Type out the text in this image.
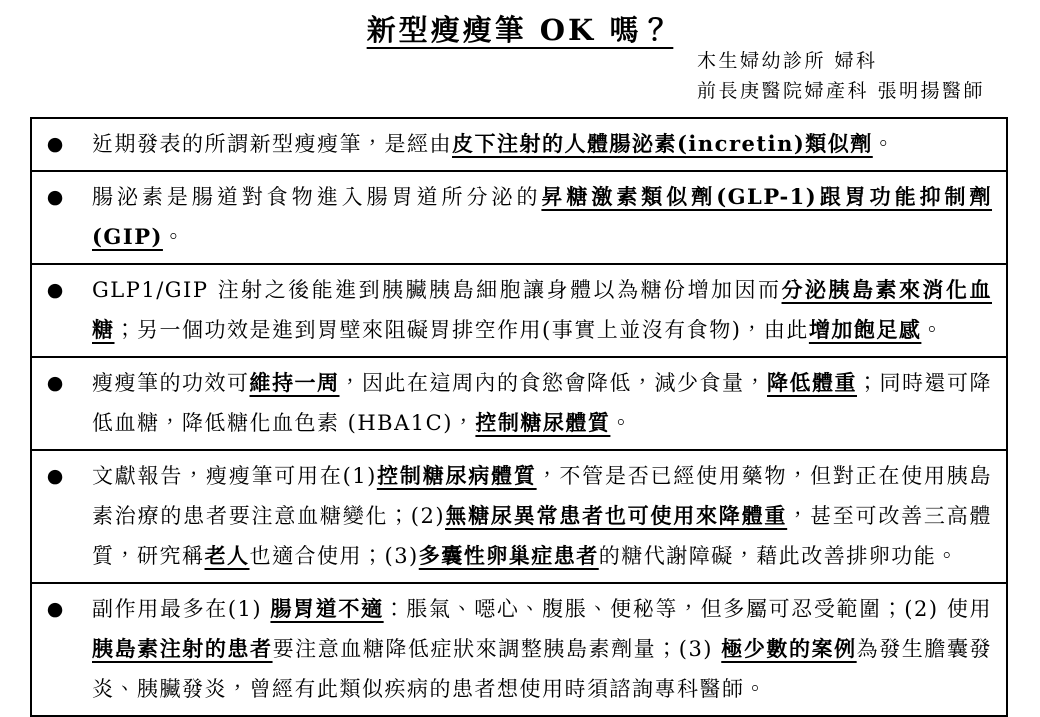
新型瘦瘦筆 OK 嗎？
木生婦幼診所 婦科
前長庚醫院婦產科 張明揚醫師
●	近期發表的所謂新型瘦瘦筆，是經由皮下注射的人體腸泌素(incretin)類似劑。
●	腸泌素是腸道對食物進入腸胃道所分泌的昇糖激素類似劑(GLP-1)跟胃功能抑制劑 (GIP)。
●	GLP1/GIP 注射之後能進到胰臟胰島細胞讓身體以為糖份增加因而分泌胰島素來消化血糖；另一個功效是進到胃壁來阻礙胃排空作用(事實上並沒有食物)，由此增加飽足感。
●	瘦瘦筆的功效可維持一周，因此在這周內的食慾會降低，減少食量，降低體重；同時還可降低血糖，降低糖化血色素 (HBA1C)，控制糖尿體質。
●	文獻報告，瘦瘦筆可用在(1)控制糖尿病體質，不管是否已經使用藥物，但對正在使用胰島素治療的患者要注意血糖變化；(2)無糖尿異常患者也可使用來降體重，甚至可改善三高體質，研究稱老人也適合使用；(3)多囊性卵巢症患者的糖代謝障礙，藉此改善排卵功能。
●	副作用最多在(1) 腸胃道不適：脹氣、噁心、腹脹、便秘等，但多屬可忍受範圍；(2) 使用胰島素注射的患者要注意血糖降低症狀來調整胰島素劑量；(3) 極少數的案例為發生膽囊發炎、胰臟發炎，曾經有此類似疾病的患者想使用時須諮詢專科醫師。
